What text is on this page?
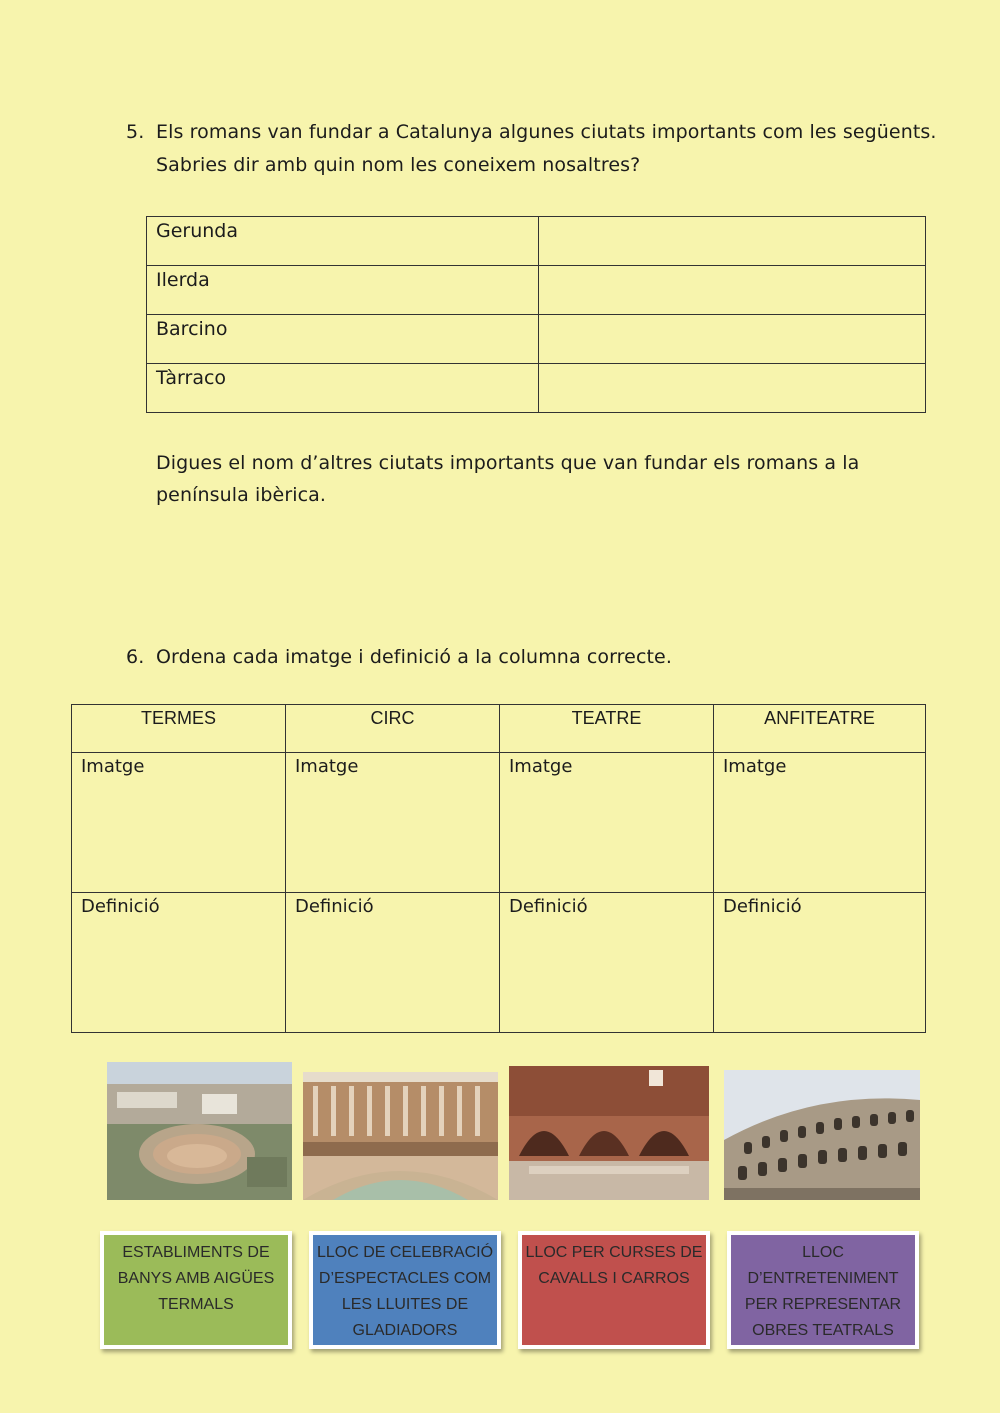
5. Els romans van fundar a Catalunya algunes ciutats importants com les següents.
Sabries dir amb quin nom les coneixem nosaltres?
Gerunda	
Ilerda	
Barcino	
Tàrraco	
Digues el nom d’altres ciutats importants que van fundar els romans a la
península ibèrica.
6. Ordena cada imatge i definició a la columna correcte.
TERMES	CIRC	TEATRE	ANFITEATRE
Imatge	Imatge	Imatge	Imatge
Definició	Definició	Definició	Definició
ESTABLIMENTS DE
BANYS AMB AIGÜES
TERMALS
LLOC DE CELEBRACIÓ
D’ESPECTACLES COM
LES LLUITES DE
GLADIADORS
LLOC PER CURSES DE
CAVALLS I CARROS
LLOC
D’ENTRETENIMENT
PER REPRESENTAR
OBRES TEATRALS
